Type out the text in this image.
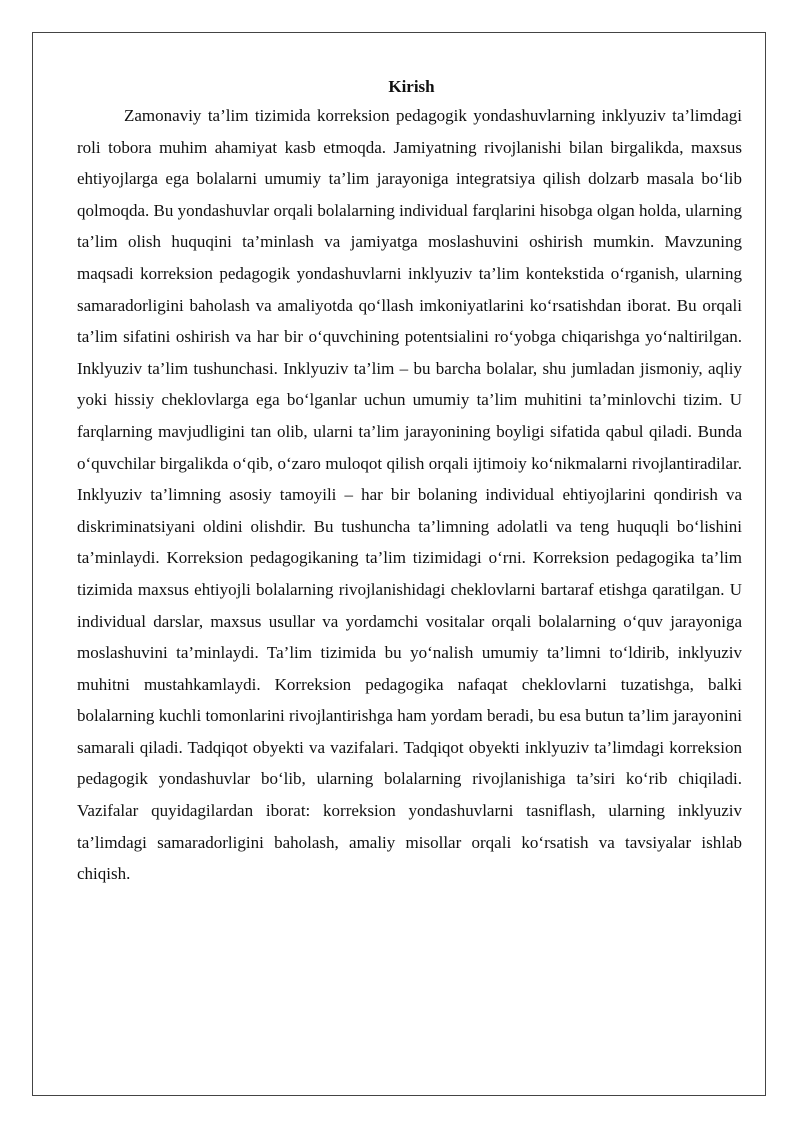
Kirish

Zamonaviy ta’lim tizimida korreksion pedagogik yondashuvlarning inklyuziv ta’limdagi roli tobora muhim ahamiyat kasb etmoqda. Jamiyatning rivojlanishi bilan birgalikda, maxsus ehtiyojlarga ega bolalarni umumiy ta’lim jarayoniga integratsiya qilish dolzarb masala bo‘lib qolmoqda. Bu yondashuvlar orqali bolalarning individual farqlarini hisobga olgan holda, ularning ta’lim olish huquqini ta’minlash va jamiyatga moslashuvini oshirish mumkin. Mavzuning maqsadi korreksion pedagogik yondashuvlarni inklyuziv ta’lim kontekstida o‘rganish, ularning samaradorligini baholash va amaliyotda qo‘llash imkoniyatlarini ko‘rsatishdan iborat. Bu orqali ta’lim sifatini oshirish va har bir o‘quvchining potentsialini ro‘yobga chiqarishga yo‘naltirilgan. Inklyuziv ta’lim tushunchasi. Inklyuziv ta’lim – bu barcha bolalar, shu jumladan jismoniy, aqliy yoki hissiy cheklovlarga ega bo‘lganlar uchun umumiy ta’lim muhitini ta’minlovchi tizim. U farqlarning mavjudligini tan olib, ularni ta’lim jarayonining boyligi sifatida qabul qiladi. Bunda o‘quvchilar birgalikda o‘qib, o‘zaro muloqot qilish orqali ijtimoiy ko‘nikmalarni rivojlantiradilar. Inklyuziv ta’limning asosiy tamoyili – har bir bolaning individual ehtiyojlarini qondirish va diskriminatsiyani oldini olishdir. Bu tushuncha ta’limning adolatli va teng huquqli bo‘lishini ta’minlaydi. Korreksion pedagogikaning ta’lim tizimidagi o‘rni. Korreksion pedagogika ta’lim tizimida maxsus ehtiyojli bolalarning rivojlanishidagi cheklovlarni bartaraf etishga qaratilgan. U individual darslar, maxsus usullar va yordamchi vositalar orqali bolalarning o‘quv jarayoniga moslashuvini ta’minlaydi. Ta’lim tizimida bu yo‘nalish umumiy ta’limni to‘ldirib, inklyuziv muhitni mustahkamlaydi. Korreksion pedagogika nafaqat cheklovlarni tuzatishga, balki bolalarning kuchli tomonlarini rivojlantirishga ham yordam beradi, bu esa butun ta’lim jarayonini samarali qiladi. Tadqiqot obyekti va vazifalari. Tadqiqot obyekti inklyuziv ta’limdagi korreksion pedagogik yondashuvlar bo‘lib, ularning bolalarning rivojlanishiga ta’siri ko‘rib chiqiladi. Vazifalar quyidagilardan iborat: korreksion yondashuvlarni tasniflash, ularning inklyuziv ta’limdagi samaradorligini baholash, amaliy misollar orqali ko‘rsatish va tavsiyalar ishlab chiqish.
